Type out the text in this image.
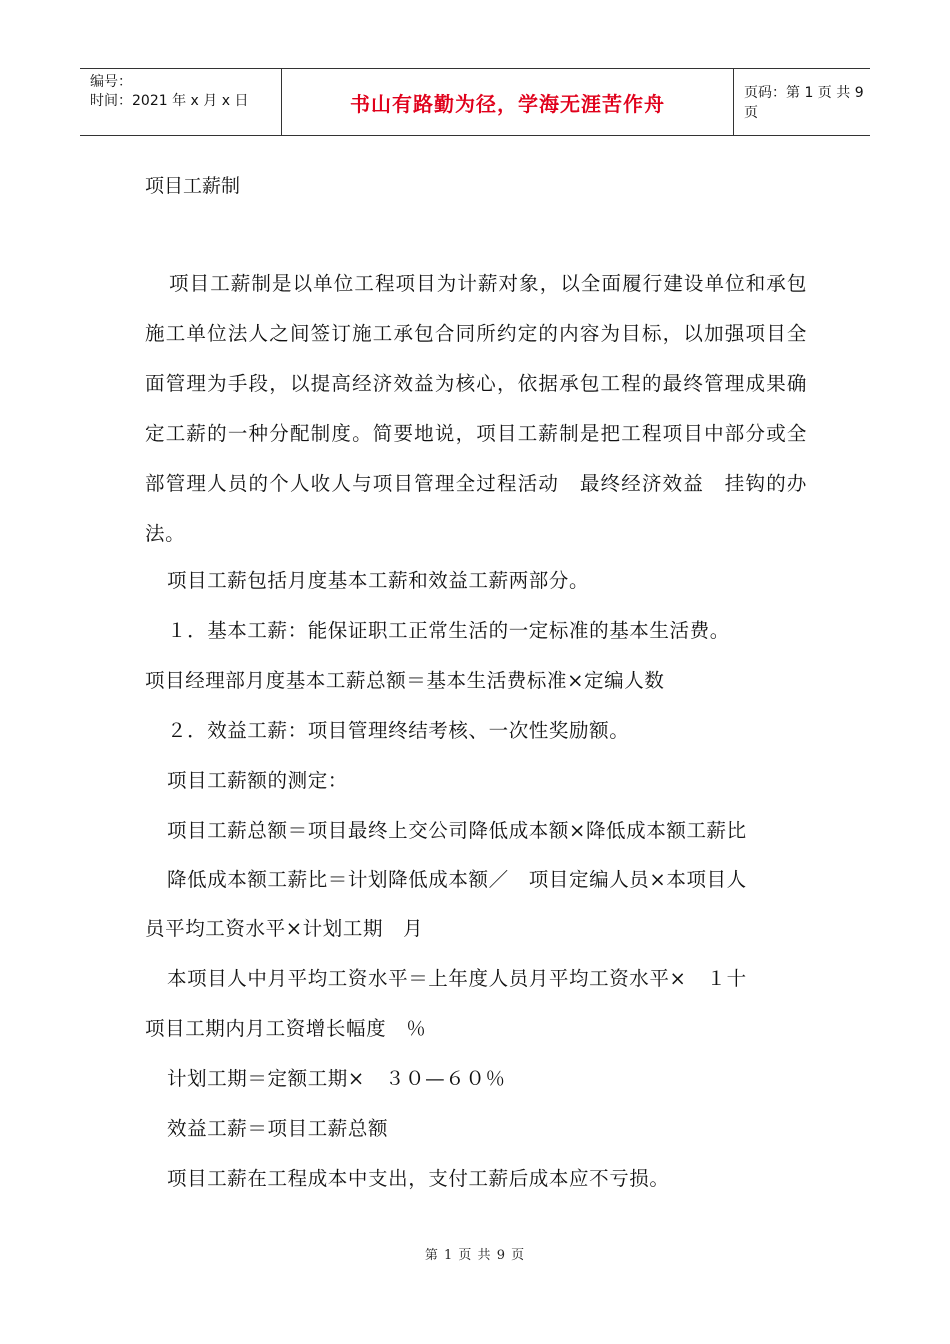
编号：
时间：2021 年 x 月 x 日	书山有路勤为径，学海无涯苦作舟	页码：第 1 页 共 9 页
项目工薪制
项目工薪制是以单位工程项目为计薪对象，以全面履行建设单位和承包施工单位法人之间签订施工承包合同所约定的内容为目标，以加强项目全面管理为手段，以提高经济效益为核心，依据承包工程的最终管理成果确定工薪的一种分配制度。简要地说，项目工薪制是把工程项目中部分或全部管理人员的个人收人与项目管理全过程活动　最终经济效益　挂钩的办法。
项目工薪包括月度基本工薪和效益工薪两部分。
１．基本工薪：能保证职工正常生活的一定标准的基本生活费。
项目经理部月度基本工薪总额＝基本生活费标准×定编人数
２．效益工薪：项目管理终结考核、一次性奖励额。
项目工薪额的测定：
项目工薪总额＝项目最终上交公司降低成本额×降低成本额工薪比
降低成本额工薪比＝计划降低成本额／　项目定编人员×本项目人
员平均工资水平×计划工期　月
本项目人中月平均工资水平＝上年度人员月平均工资水平×　１十
项目工期内月工资增长幅度　％
计划工期＝定额工期×　３０—６０％
效益工薪＝项目工薪总额
项目工薪在工程成本中支出，支付工薪后成本应不亏损。
第 1 页 共 9 页
